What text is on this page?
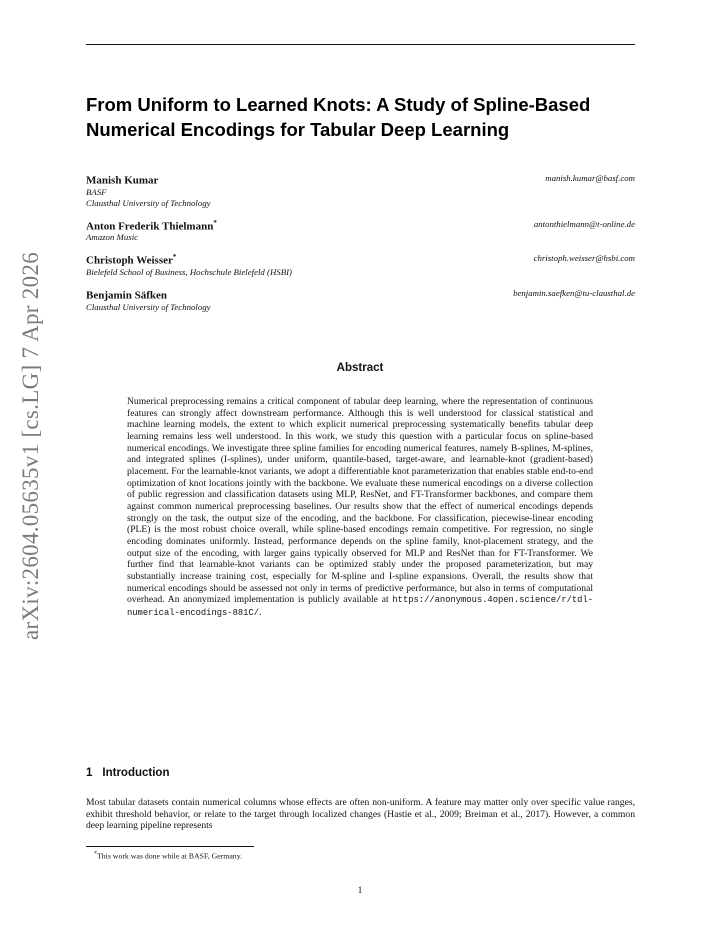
arXiv:2604.05635v1 [cs.LG] 7 Apr 2026
From Uniform to Learned Knots: A Study of Spline-Based Numerical Encodings for Tabular Deep Learning
Manish Kumar
BASF
Clausthal University of Technology
manish.kumar@basf.com
Anton Frederik Thielmann*
Amazon Music
antonthielmann@t-online.de
Christoph Weisser*
Bielefeld School of Business, Hochschule Bielefeld (HSBI)
christoph.weisser@hsbi.com
Benjamin Säfken
Clausthal University of Technology
benjamin.saefken@tu-clausthal.de
Abstract
Numerical preprocessing remains a critical component of tabular deep learning, where the representation of continuous features can strongly affect downstream performance. Although this is well understood for classical statistical and machine learning models, the extent to which explicit numerical preprocessing systematically benefits tabular deep learning remains less well understood. In this work, we study this question with a particular focus on spline-based numerical encodings. We investigate three spline families for encoding numerical features, namely B-splines, M-splines, and integrated splines (I-splines), under uniform, quantile-based, target-aware, and learnable-knot (gradient-based) placement. For the learnable-knot variants, we adopt a differentiable knot parameterization that enables stable end-to-end optimization of knot locations jointly with the backbone. We evaluate these numerical encodings on a diverse collection of public regression and classification datasets using MLP, ResNet, and FT-Transformer backbones, and compare them against common numerical preprocessing baselines. Our results show that the effect of numerical encodings depends strongly on the task, the output size of the encoding, and the backbone. For classification, piecewise-linear encoding (PLE) is the most robust choice overall, while spline-based encodings remain competitive. For regression, no single encoding dominates uniformly. Instead, performance depends on the spline family, knot-placement strategy, and the output size of the encoding, with larger gains typically observed for MLP and ResNet than for FT-Transformer. We further find that learnable-knot variants can be optimized stably under the proposed parameterization, but may substantially increase training cost, especially for M-spline and I-spline expansions. Overall, the results show that numerical encodings should be assessed not only in terms of predictive performance, but also in terms of computational overhead. An anonymized implementation is publicly available at https://anonymous.4open.science/r/tdl-numerical-encodings-881C/.
1 Introduction
Most tabular datasets contain numerical columns whose effects are often non-uniform. A feature may matter only over specific value ranges, exhibit threshold behavior, or relate to the target through localized changes (Hastie et al., 2009; Breiman et al., 2017). However, a common deep learning pipeline represents
*This work was done while at BASF, Germany.
1
